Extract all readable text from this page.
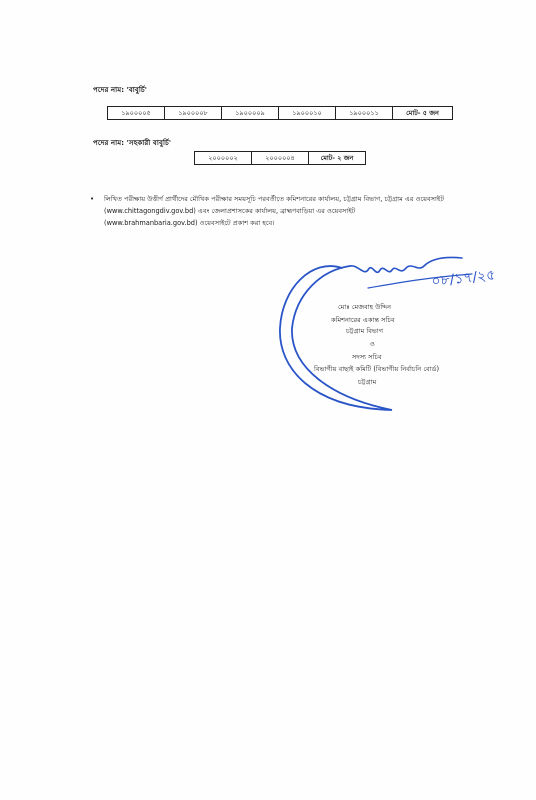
পদের নাম: 'বাবুর্চি'
১৯০০০০৫	১৯০০০০৮	১৯০০০০৯	১৯০০০১০	১৯০০০১১	মোট- ৫ জন
পদের নাম: 'সহকারী বাবুর্চি'
২০০০০০২	২০০০০০৪	মোট- ২ জন
• লিখিত পরীক্ষায় উত্তীর্ণ প্রার্থীদের মৌখিক পরীক্ষার সময়সূচি পরবর্তীতে কমিশনারের কার্যালয়, চট্টগ্রাম বিভাগ, চট্টগ্রাম এর ওয়েবসাইট (www.chittagongdiv.gov.bd) এবং জেলাপ্রশাসকের কার্যালয়, ব্রাহ্মণবাড়িয়া এর ওয়েবসাইট (www.brahmanbaria.gov.bd) ওয়েবসাইটে প্রকাশ করা হবে।
০৮/১৭/২৫
মোঃ মেজবাহ উদ্দিন
কমিশনারের একান্ত সচিব
চট্টগ্রাম বিভাগ
ও
সদস্য সচিব
বিভাগীয় বাছাই কমিটি (বিভাগীয় নির্বাচনি বোর্ড)
চট্টগ্রাম
